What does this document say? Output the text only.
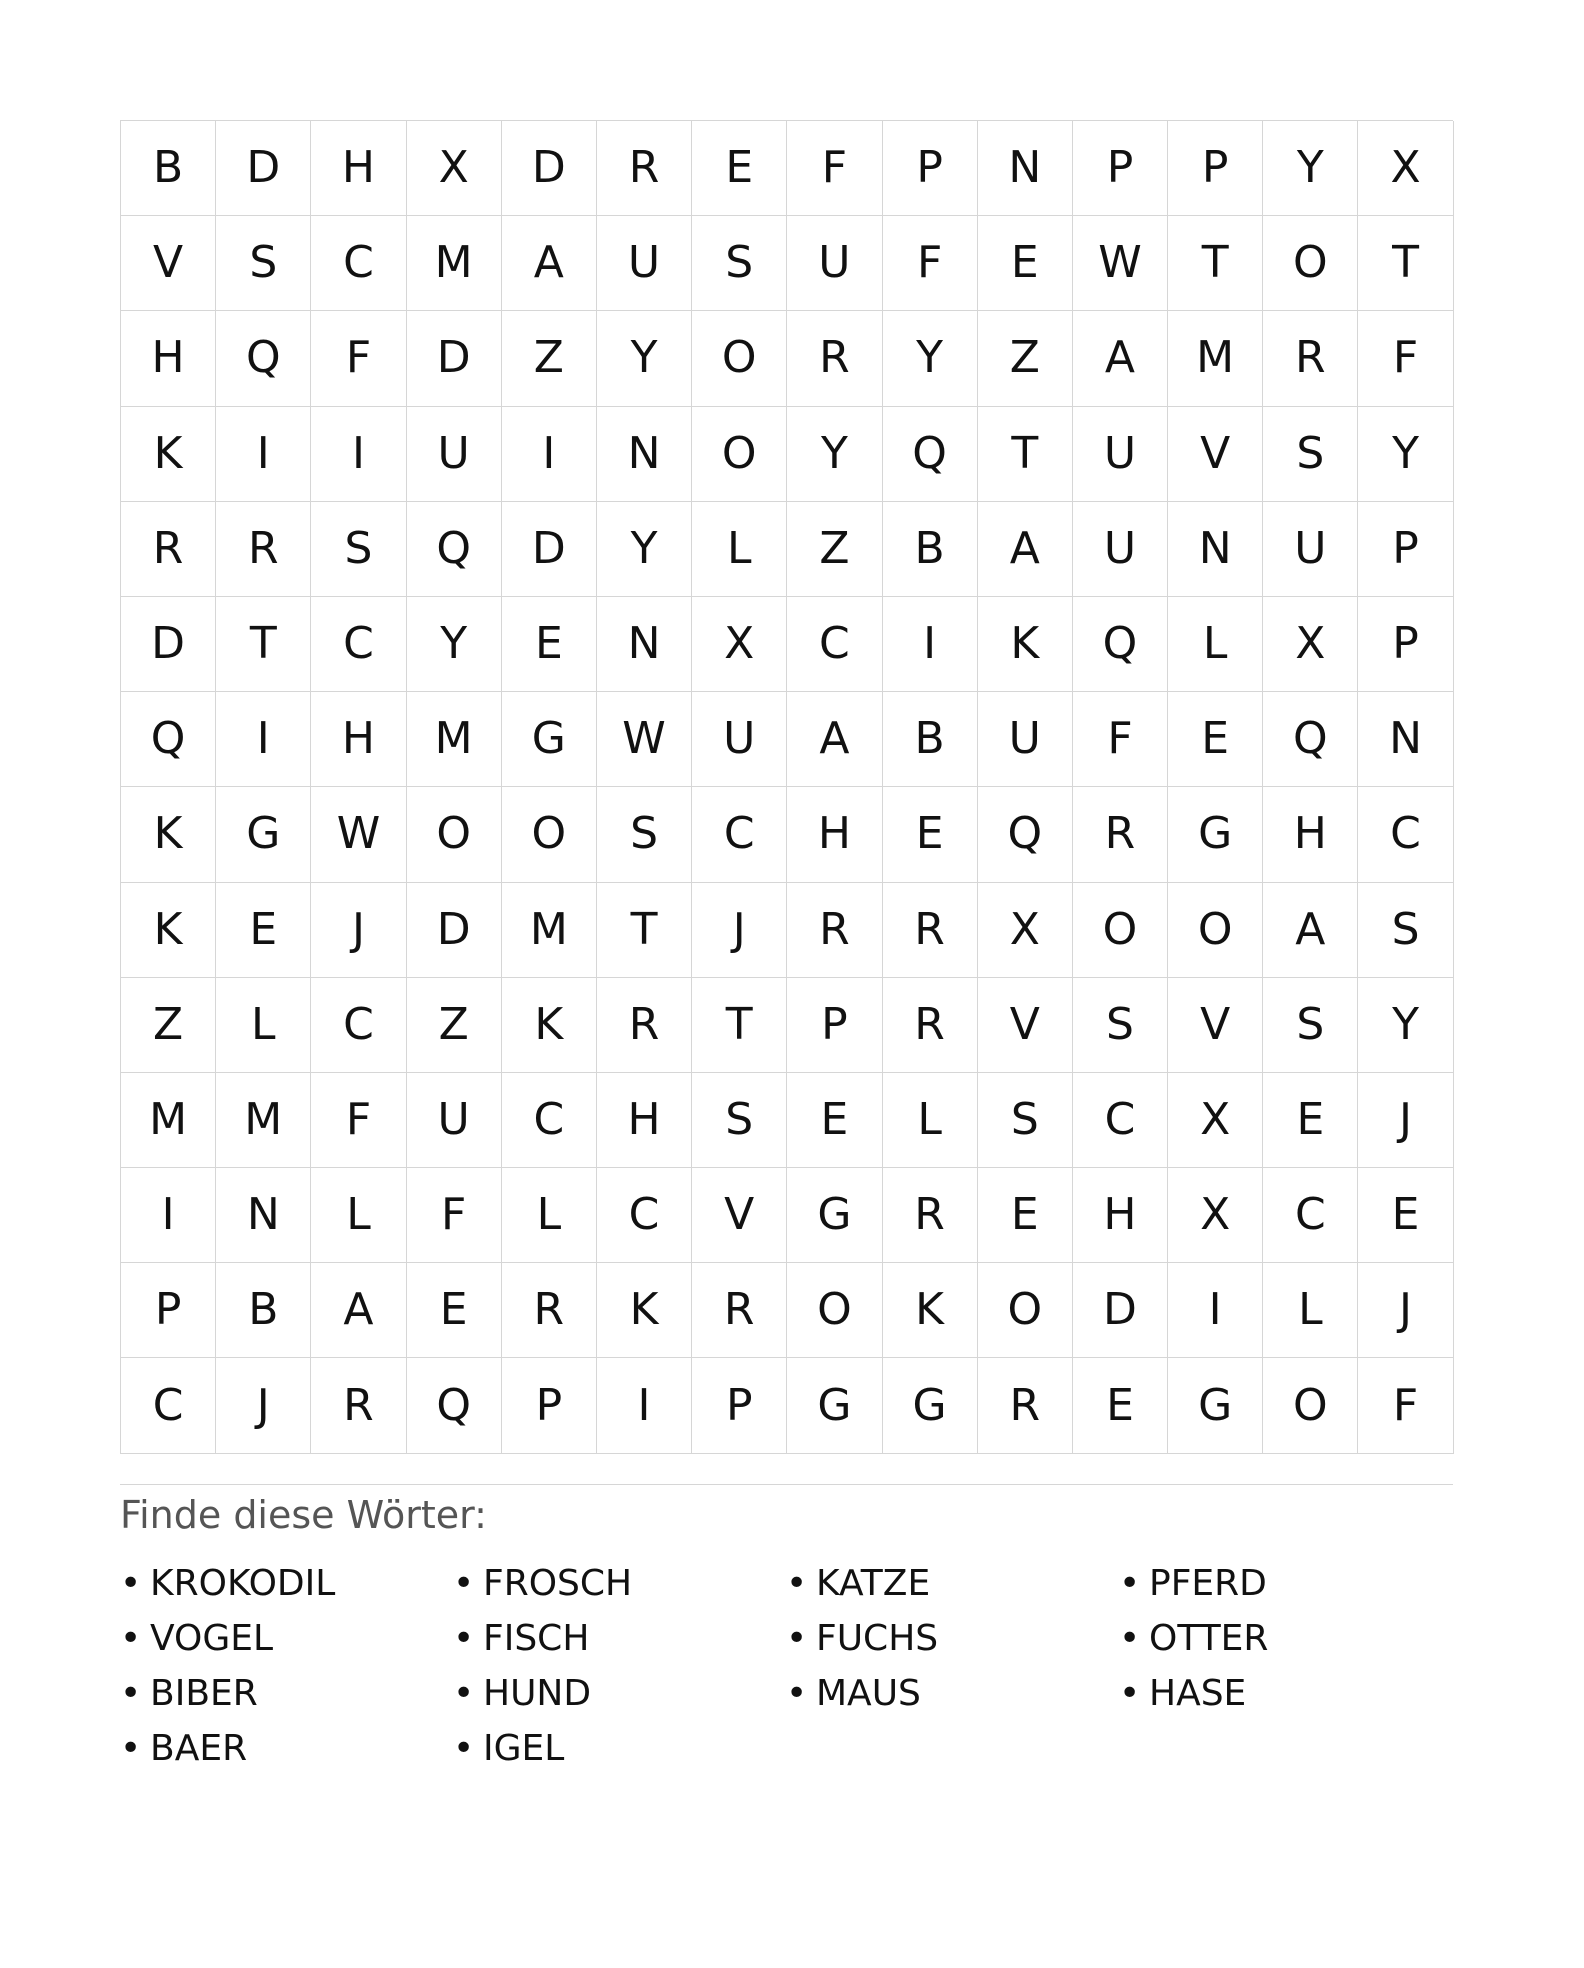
B	D	H	X	D	R	E	F	P	N	P	P	Y	X
V	S	C	M	A	U	S	U	F	E	W	T	O	T
H	Q	F	D	Z	Y	O	R	Y	Z	A	M	R	F
K	I	I	U	I	N	O	Y	Q	T	U	V	S	Y
R	R	S	Q	D	Y	L	Z	B	A	U	N	U	P
D	T	C	Y	E	N	X	C	I	K	Q	L	X	P
Q	I	H	M	G	W	U	A	B	U	F	E	Q	N
K	G	W	O	O	S	C	H	E	Q	R	G	H	C
K	E	J	D	M	T	J	R	R	X	O	O	A	S
Z	L	C	Z	K	R	T	P	R	V	S	V	S	Y
M	M	F	U	C	H	S	E	L	S	C	X	E	J
I	N	L	F	L	C	V	G	R	E	H	X	C	E
P	B	A	E	R	K	R	O	K	O	D	I	L	J
C	J	R	Q	P	I	P	G	G	R	E	G	O	F
Finde diese Wörter:
• KROKODIL
• VOGEL
• BIBER
• BAER
• FROSCH
• FISCH
• HUND
• IGEL
• KATZE
• FUCHS
• MAUS
• PFERD
• OTTER
• HASE
